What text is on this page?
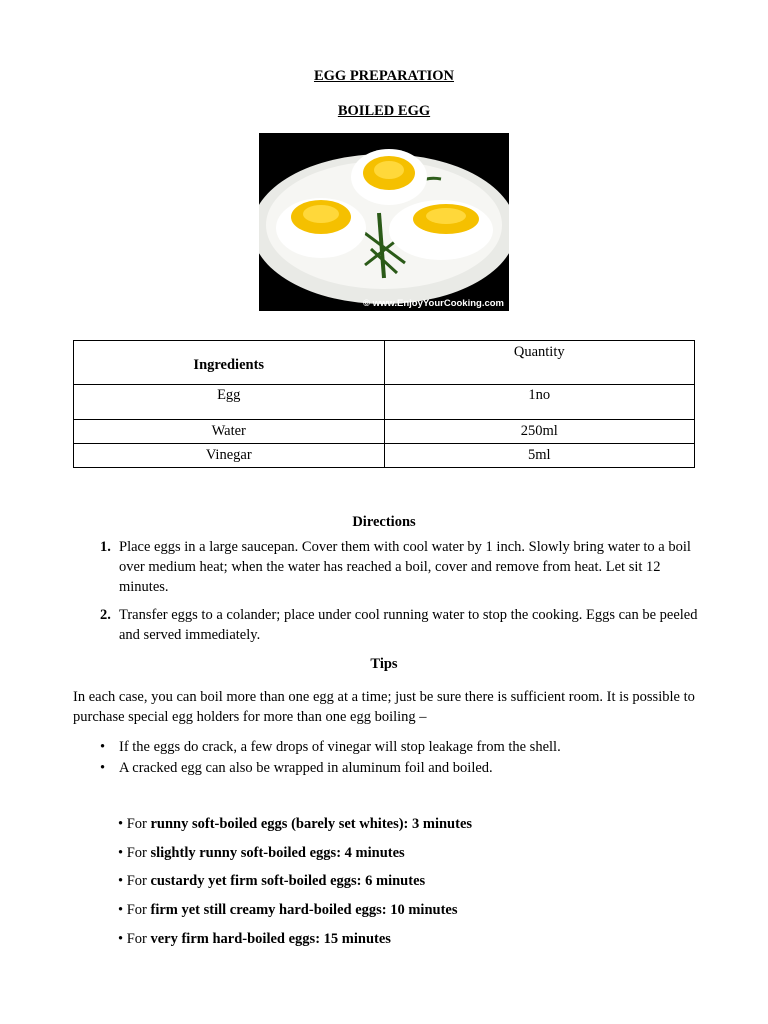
EGG PREPARATION
BOILED EGG
© www.EnjoyYourCooking.com
Ingredients	Quantity
Egg	1no
Water	250ml
Vinegar	5ml
Directions
1. Place eggs in a large saucepan. Cover them with cool water by 1 inch. Slowly bring water to a boil over medium heat; when the water has reached a boil, cover and remove from heat. Let sit 12 minutes.
2. Transfer eggs to a colander; place under cool running water to stop the cooking. Eggs can be peeled and served immediately.
Tips
In each case, you can boil more than one egg at a time; just be sure there is sufficient room. It is possible to purchase special egg holders for more than one egg boiling –
• If the eggs do crack, a few drops of vinegar will stop leakage from the shell.
• A cracked egg can also be wrapped in aluminum foil and boiled.
• For runny soft-boiled eggs (barely set whites): 3 minutes
• For slightly runny soft-boiled eggs: 4 minutes
• For custardy yet firm soft-boiled eggs: 6 minutes
• For firm yet still creamy hard-boiled eggs: 10 minutes
• For very firm hard-boiled eggs: 15 minutes
